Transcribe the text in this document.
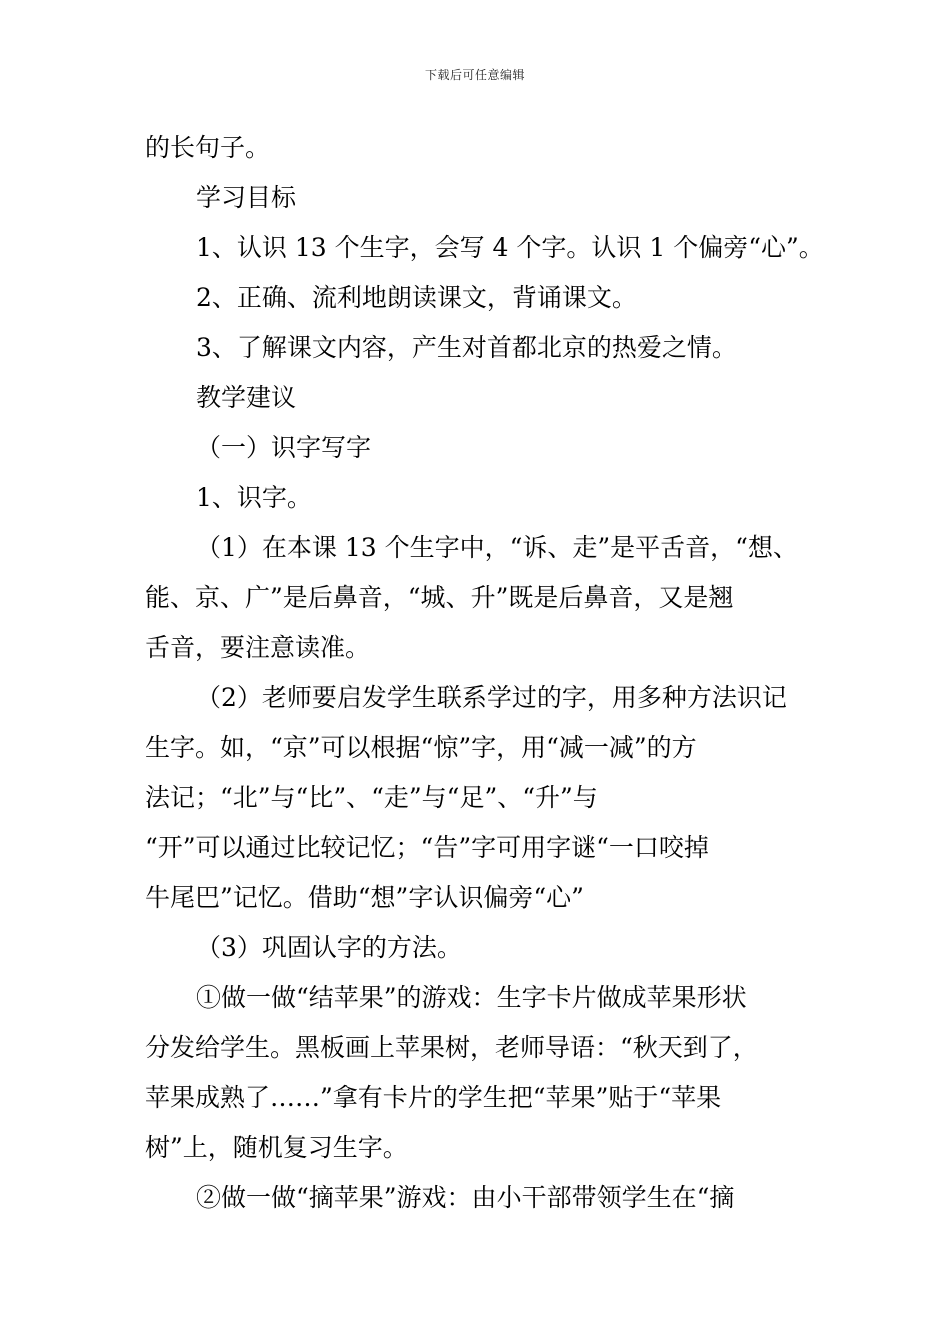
下载后可任意编辑
的长句子。
学习目标
1、认识 13 个生字，会写 4 个字。认识 1 个偏旁“心”。
2、正确、流利地朗读课文，背诵课文。
3、了解课文内容，产生对首都北京的热爱之情。
教学建议
（一）识字写字
1、识字。
（1）在本课 13 个生字中，“诉、走”是平舌音，“想、
能、京、广”是后鼻音，“城、升”既是后鼻音，又是翘
舌音，要注意读准。
（2）老师要启发学生联系学过的字，用多种方法识记
生字。如，“京”可以根据“惊”字，用“减一减”的方
法记；“北”与“比”、“走”与“足”、“升”与
“开”可以通过比较记忆；“告”字可用字谜“一口咬掉
牛尾巴”记忆。借助“想”字认识偏旁“心”
（3）巩固认字的方法。
①做一做“结苹果”的游戏：生字卡片做成苹果形状
分发给学生。黑板画上苹果树，老师导语：“秋天到了，
苹果成熟了……”拿有卡片的学生把“苹果”贴于“苹果
树”上，随机复习生字。
②做一做“摘苹果”游戏：由小干部带领学生在“摘
